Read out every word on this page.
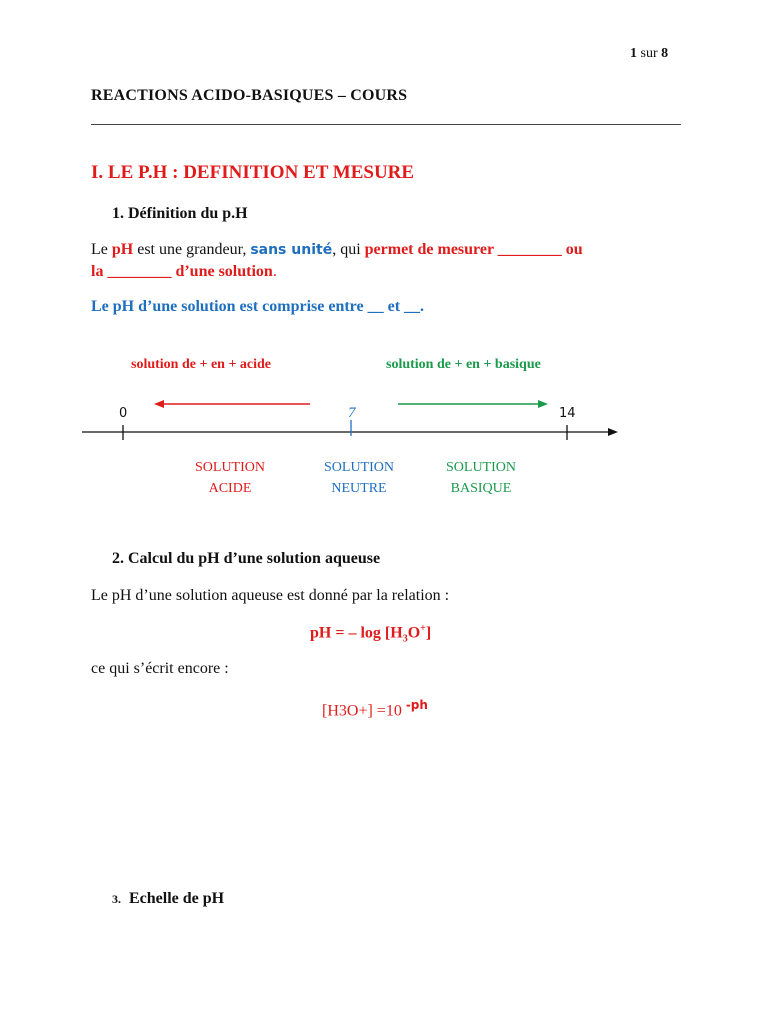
1 sur 8
REACTIONS ACIDO-BASIQUES – COURS
I. LE P.H : DEFINITION ET MESURE
1. Définition du p.H
Le pH est une grandeur, sans unité, qui permet de mesurer ________ ou
la ________ d’une solution.
Le pH d’une solution est comprise entre __ et __.
solution de + en + acide	solution de + en + basique
0	7	14
SOLUTION
ACIDE
SOLUTION
NEUTRE
SOLUTION
BASIQUE
2. Calcul du pH d’une solution aqueuse
Le pH d’une solution aqueuse est donné par la relation :
pH = – $\log [H_3O^+]$
ce qui s’écrit encore :
[H3O+] =10 $^{-ph}$
3. Echelle de pH
